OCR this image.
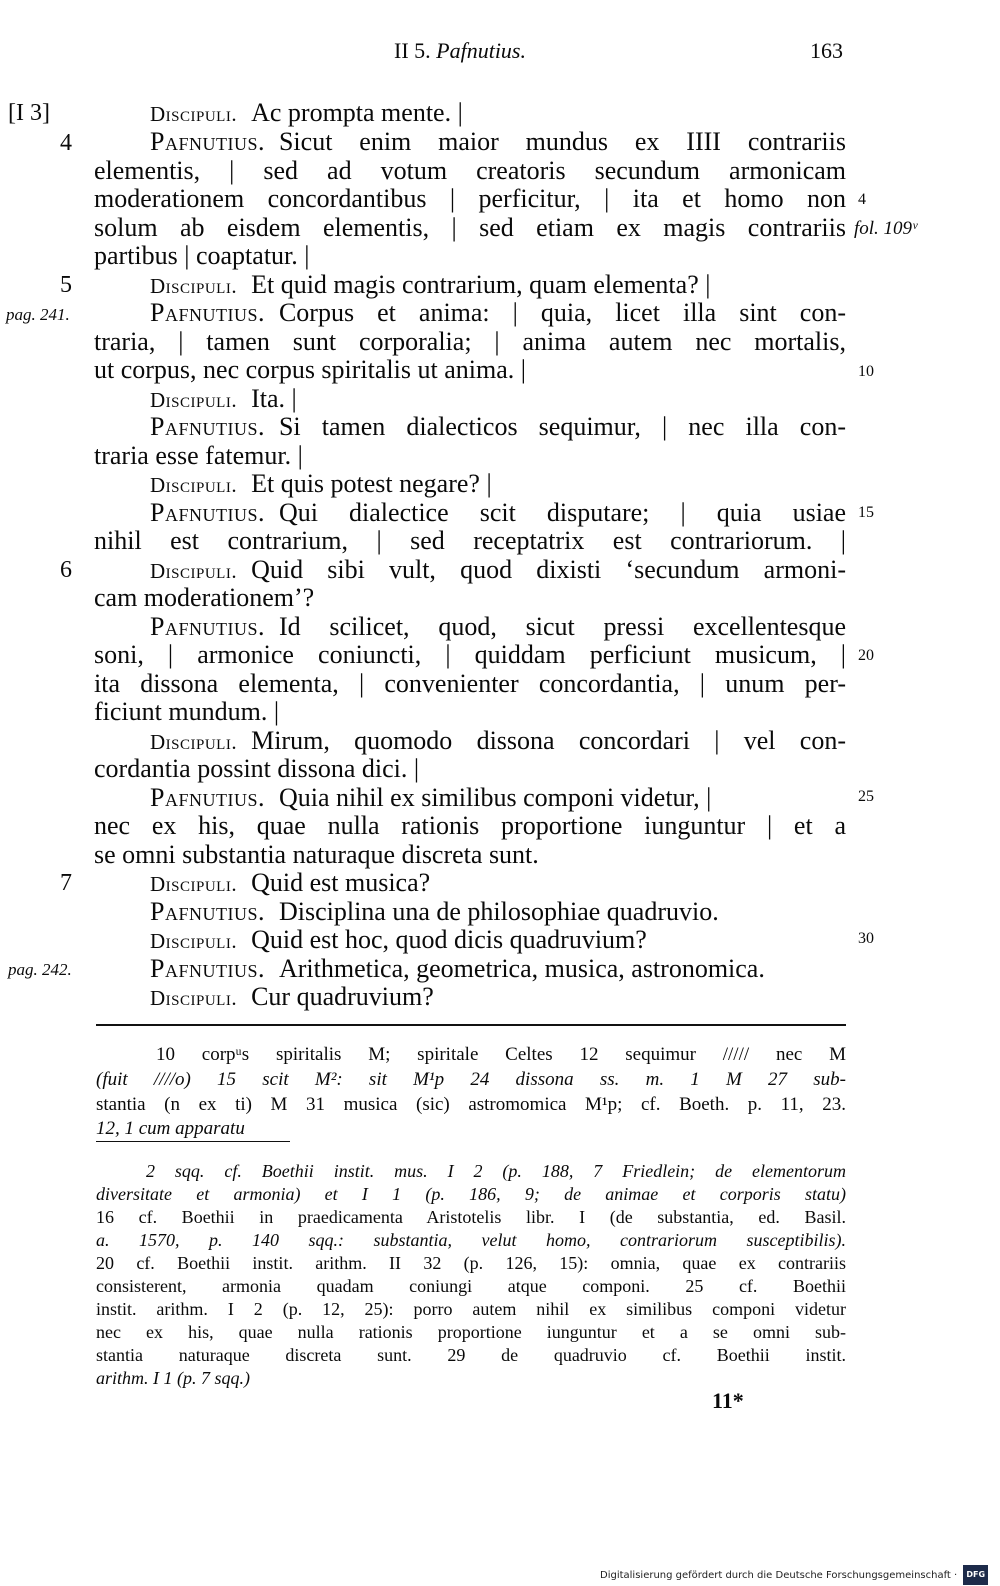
II 5. Pafnutius.	163
[I 3]
4
5
pag. 241.
6
7
pag. 242.
4
fol. 109ᵛ
10
15
20
25
30
Discipuli. Ac prompta mente. |
Pafnutius. Sicut enim maior mundus ex IIII contrariis
elementis, | sed ad votum creatoris secundum armonicam
moderationem concordantibus | perficitur, | ita et homo non
solum ab eisdem elementis, | sed etiam ex magis contrariis
partibus | coaptatur. |
Discipuli. Et quid magis contrarium, quam elementa? |
Pafnutius. Corpus et anima: | quia, licet illa sint con-
traria, | tamen sunt corporalia; | anima autem nec mortalis,
ut corpus, nec corpus spiritalis ut anima. |
Discipuli. Ita. |
Pafnutius. Si tamen dialecticos sequimur, | nec illa con-
traria esse fatemur. |
Discipuli. Et quis potest negare? |
Pafnutius. Qui dialectice scit disputare; | quia usiae
nihil est contrarium, | sed receptatrix est contrariorum. |
Discipuli. Quid sibi vult, quod dixisti ‘secundum armoni-
cam moderationem’?
Pafnutius. Id scilicet, quod, sicut pressi excellentesque
soni, | armonice coniuncti, | quiddam perficiunt musicum, |
ita dissona elementa, | convenienter concordantia, | unum per-
ficiunt mundum. |
Discipuli. Mirum, quomodo dissona concordari | vel con-
cordantia possint dissona dici. |
Pafnutius. Quia nihil ex similibus componi videtur, |
nec ex his, quae nulla rationis proportione iunguntur | et a
se omni substantia naturaque discreta sunt.
Discipuli. Quid est musica?
Pafnutius. Disciplina una de philosophiae quadruvio.
Discipuli. Quid est hoc, quod dicis quadruvium?
Pafnutius. Arithmetica, geometrica, musica, astronomica.
Discipuli. Cur quadruvium?
10 corpᵘs spiritalis M; spiritale Celtes 12 sequimur ///// nec M
(fuit ////o) 15 scit M²: sit M¹p 24 dissona ss. m. 1 M 27 sub-
stantia (n ex ti) M 31 musica (sic) astromomica M¹p; cf. Boeth. p. 11, 23.
12, 1 cum apparatu
2 sqq. cf. Boethii instit. mus. I 2 (p. 188, 7 Friedlein; de elementorum
diversitate et armonia) et I 1 (p. 186, 9; de animae et corporis statu)
16 cf. Boethii in praedicamenta Aristotelis libr. I (de substantia, ed. Basil.
a. 1570, p. 140 sqq.: substantia, velut homo, contrariorum susceptibilis).
20 cf. Boethii instit. arithm. II 32 (p. 126, 15): omnia, quae ex contrariis
consisterent, armonia quadam coniungi atque componi. 25 cf. Boethii
instit. arithm. I 2 (p. 12, 25): porro autem nihil ex similibus componi videtur
nec ex his, quae nulla rationis proportione iunguntur et a se omni sub-
stantia naturaque discreta sunt. 29 de quadruvio cf. Boethii instit.
arithm. I 1 (p. 7 sqq.)
11*
Digitalisierung gefördert durch die Deutsche Forschungsgemeinschaft · DFG
